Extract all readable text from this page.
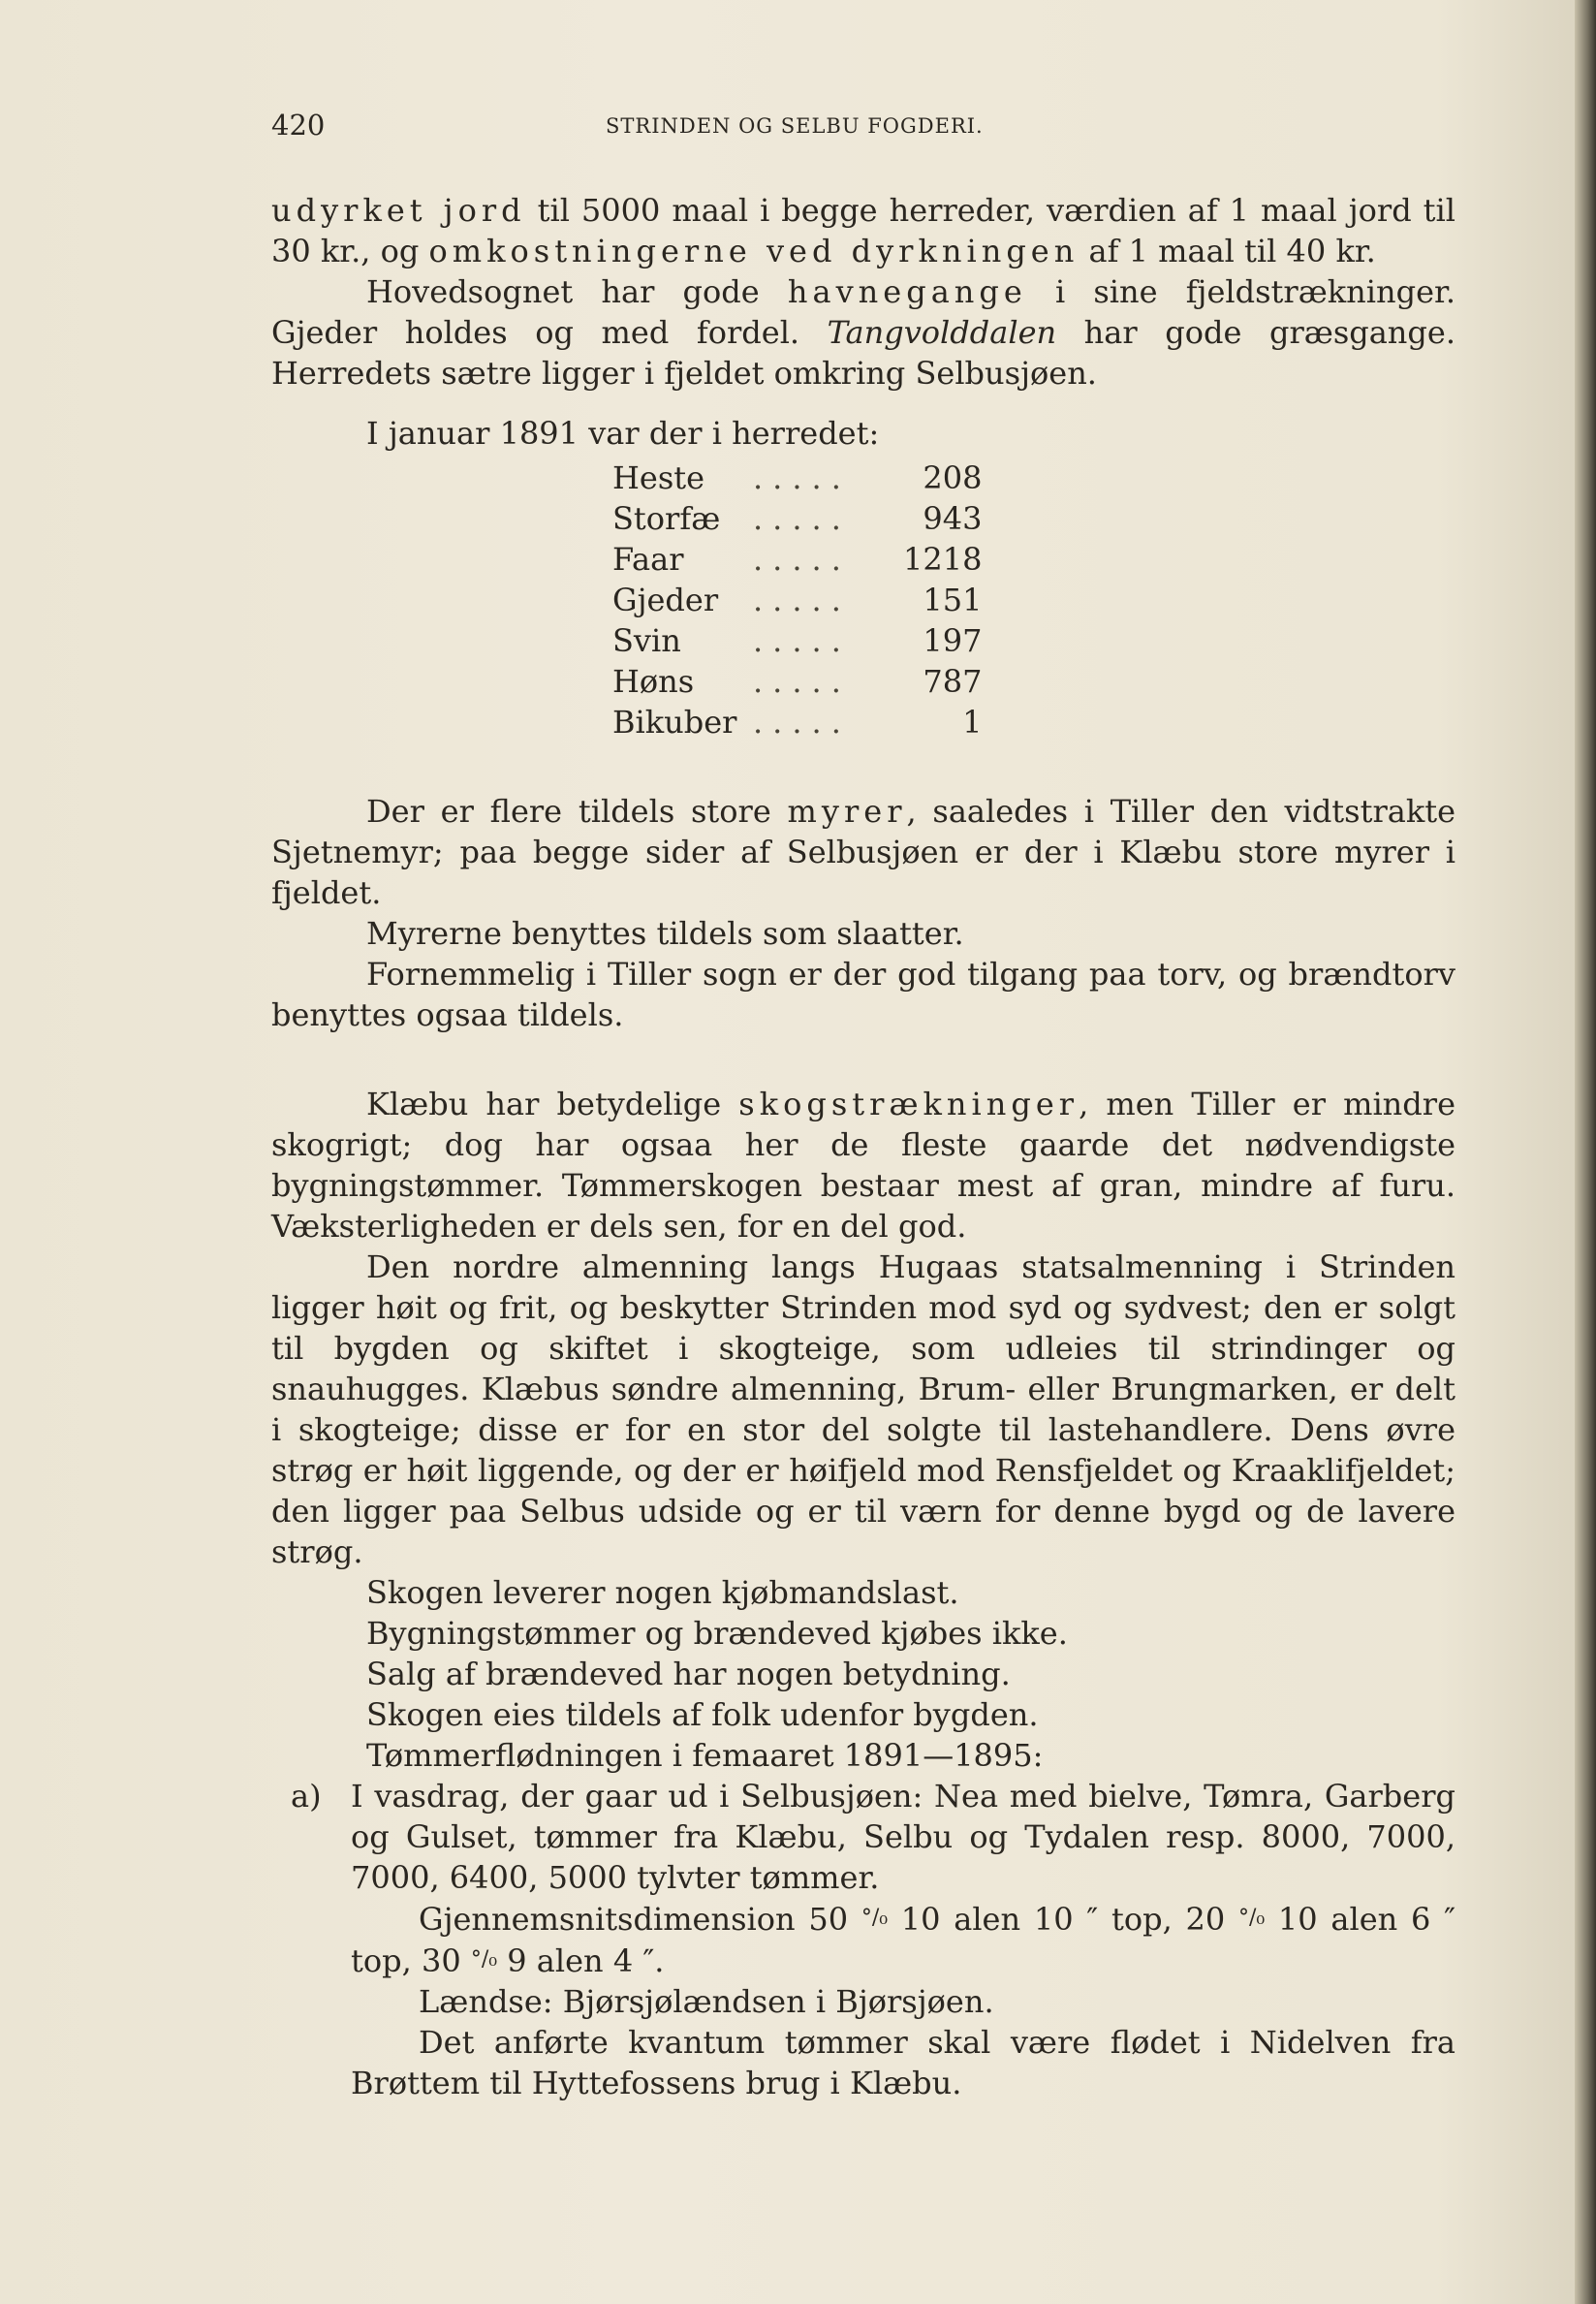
420	STRINDEN OG SELBU FOGDERI.

udyrket jord til 5000 maal i begge herreder, værdien af 1 maal jord til 30 kr., og omkostningerne ved dyrkningen af 1 maal til 40 kr.

Hovedsognet har gode havnegange i sine fjeldstrækninger. Gjeder holdes og med fordel. Tangvolddalen har gode græsgange. Herredets sætre ligger i fjeldet omkring Selbusjøen.

I januar 1891 var der i herredet:

Heste	.....	208
Storfæ	.....	943
Faar	.....	1218
Gjeder	.....	151
Svin	.....	197
Høns	.....	787
Bikuber	.....	1

Der er flere tildels store myrer, saaledes i Tiller den vidtstrakte Sjetnemyr; paa begge sider af Selbusjøen er der i Klæbu store myrer i fjeldet.

Myrerne benyttes tildels som slaatter.

Fornemmelig i Tiller sogn er der god tilgang paa torv, og brændtorv benyttes ogsaa tildels.

Klæbu har betydelige skogstrækninger, men Tiller er mindre skogrigt; dog har ogsaa her de fleste gaarde det nødvendigste bygningstømmer. Tømmerskogen bestaar mest af gran, mindre af furu. Væksterligheden er dels sen, for en del god.

Den nordre almenning langs Hugaas statsalmenning i Strinden ligger høit og frit, og beskytter Strinden mod syd og sydvest; den er solgt til bygden og skiftet i skogteige, som udleies til strindinger og snauhugges. Klæbus søndre almenning, Brum- eller Brungmarken, er delt i skogteige; disse er for en stor del solgte til lastehandlere. Dens øvre strøg er høit liggende, og der er høifjeld mod Rensfjeldet og Kraaklifjeldet; den ligger paa Selbus udside og er til værn for denne bygd og de lavere strøg.

Skogen leverer nogen kjøbmandslast.

Bygningstømmer og brændeved kjøbes ikke.

Salg af brændeved har nogen betydning.

Skogen eies tildels af folk udenfor bygden.

Tømmerflødningen i femaaret 1891—1895:

a) I vasdrag, der gaar ud i Selbusjøen: Nea med bielve, Tømra, Garberg og Gulset, tømmer fra Klæbu, Selbu og Tydalen resp. 8000, 7000, 7000, 6400, 5000 tylvter tømmer.

Gjennemsnitsdimension 50 °/₀ 10 alen 10 ″ top, 20 °/₀ 10 alen 6 ″ top, 30 °/₀ 9 alen 4 ″.

Lændse: Bjørsjølændsen i Bjørsjøen.

Det anførte kvantum tømmer skal være flødet i Nidelven fra Brøttem til Hyttefossens brug i Klæbu.
